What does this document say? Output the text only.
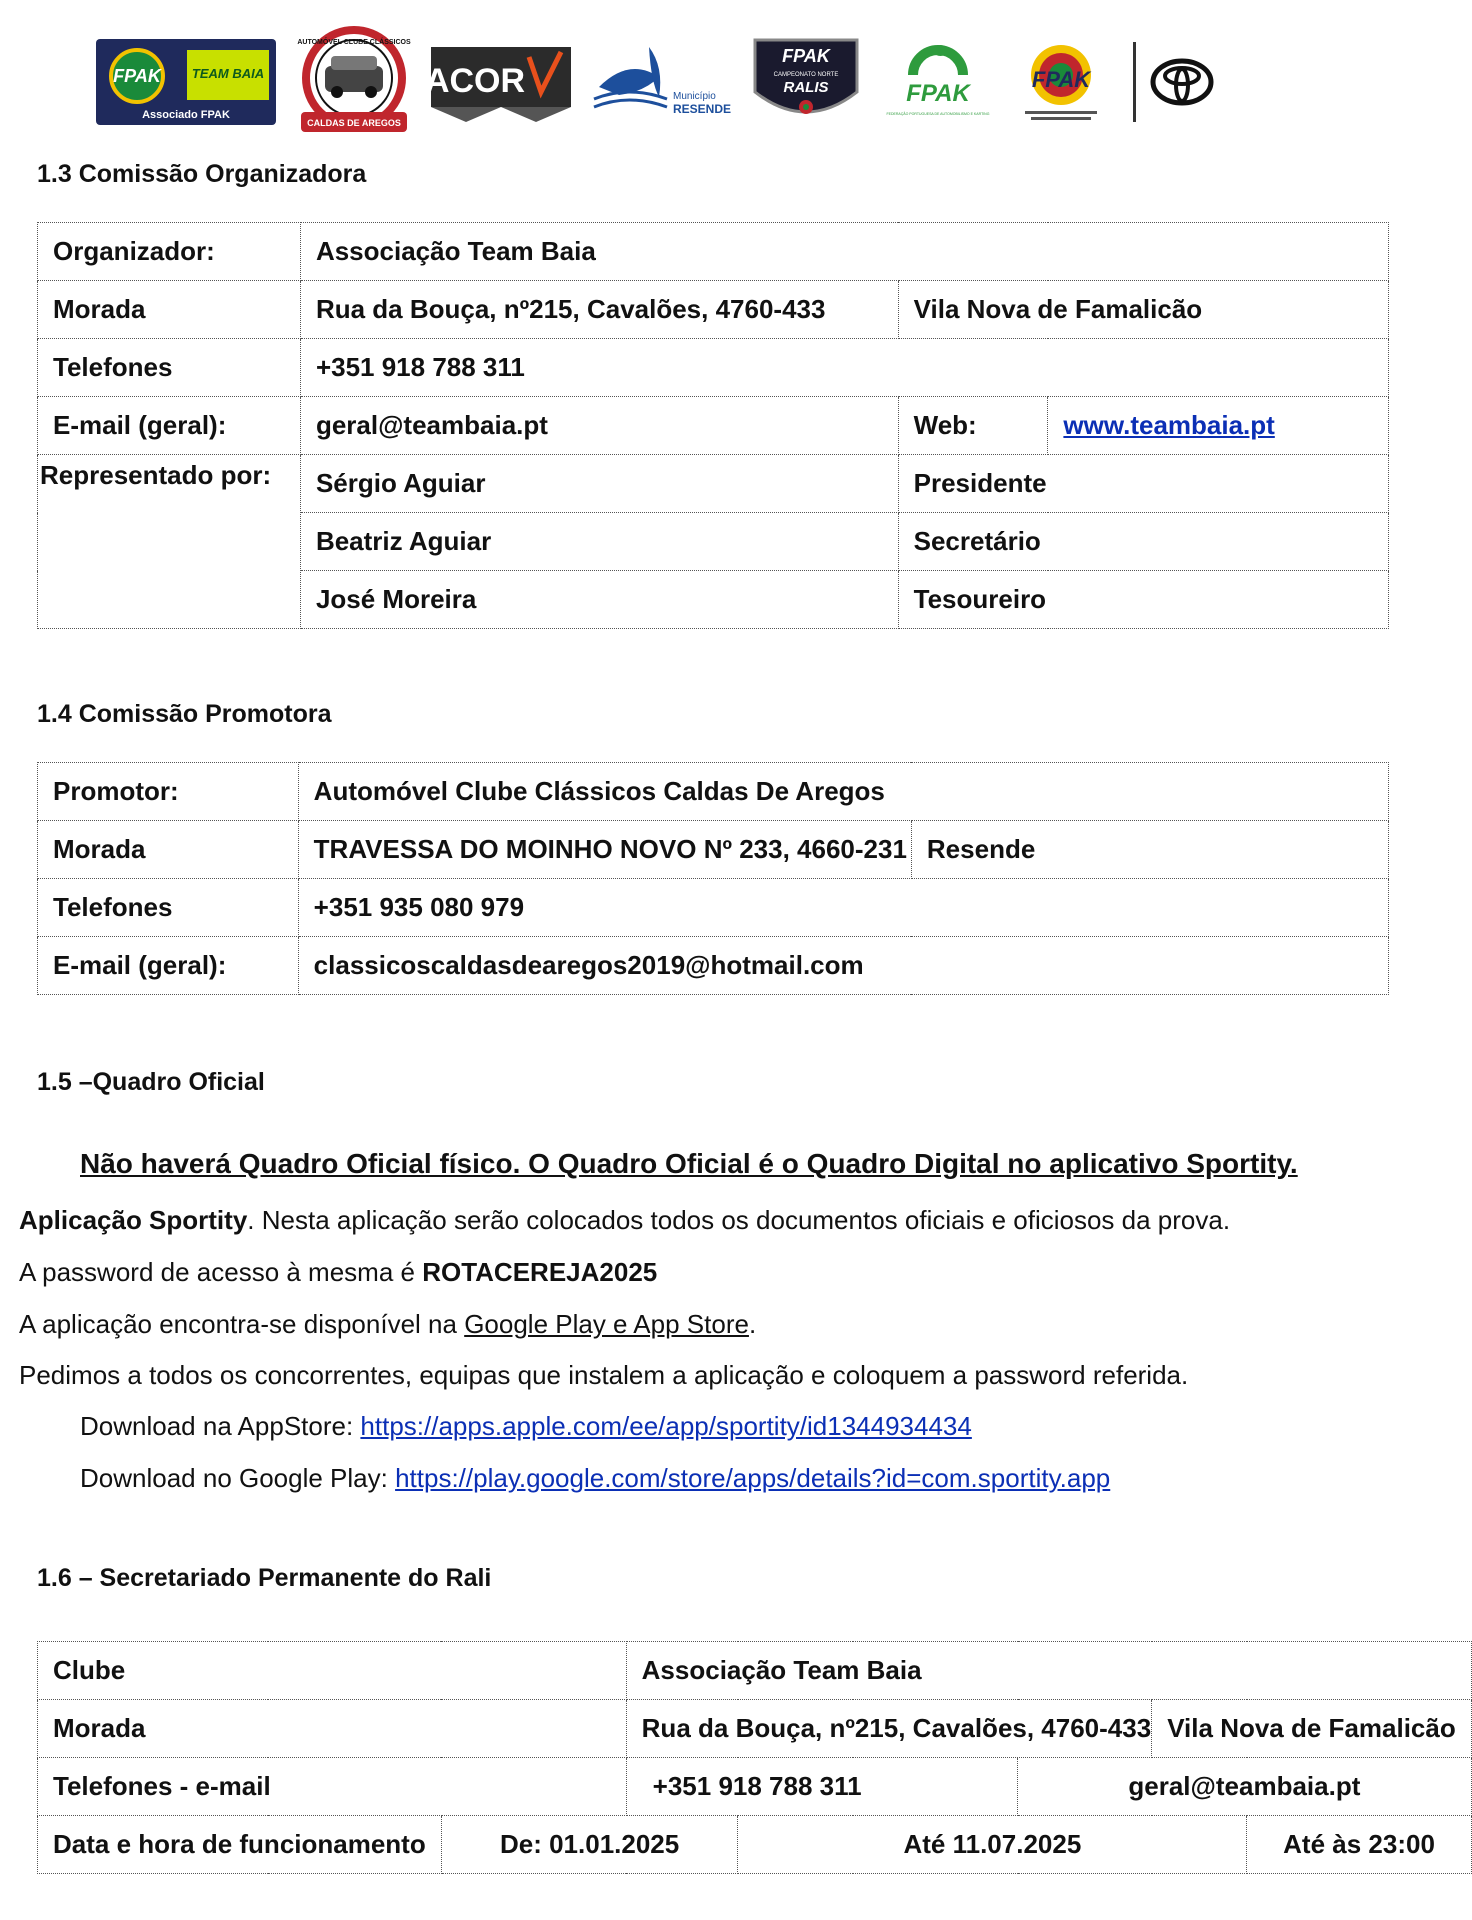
FPAK TEAM BAIA
Associado FPAK
AUTOMÓVEL CLUBE CLÁSSICOS
CALDAS DE AREGOS
ACOR	Município
RESENDE
FPAK
CAMPEONATO NORTE
RALIS	FPAK
FEDERAÇÃO PORTUGUESA DE AUTOMOBILISMO E KARTING
FPAK
1.3 Comissão Organizadora
Organizador:	Associação Team Baia		
Morada	Rua da Bouça, nº215, Cavalões, 4760-433	Vila Nova de Famalicão	
Telefones	+351 918 788 311		
E-mail (geral):	geral@teambaia.pt	Web:	www.teambaia.pt
Representado por:	Sérgio Aguiar	Presidente	
	Beatriz Aguiar	Secretário	
	José Moreira	Tesoureiro	
1.4 Comissão Promotora
Promotor:	Automóvel Clube Clássicos Caldas De Aregos	
Morada	TRAVESSA DO MOINHO NOVO Nº 233, 4660-231	Resende
Telefones	+351 935 080 979	
E-mail (geral):	classicoscaldasdearegos2019@hotmail.com	
1.5 –Quadro Oficial
Não haverá Quadro Oficial físico. O Quadro Oficial é o Quadro Digital no aplicativo Sportity.
Aplicação Sportity. Nesta aplicação serão colocados todos os documentos oficiais e oficiosos da prova.
A password de acesso à mesma é ROTACEREJA2025
A aplicação encontra-se disponível na Google Play e App Store.
Pedimos a todos os concorrentes, equipas que instalem a aplicação e coloquem a password referida.
Download na AppStore: https://apps.apple.com/ee/app/sportity/id1344934434
Download no Google Play: https://play.google.com/store/apps/details?id=com.sportity.app
1.6 – Secretariado Permanente do Rali
Clube		Associação Team Baia				
Morada		Rua da Bouça, nº215, Cavalões, 4760-433			Vila Nova de Famalicão	
Telefones - e-mail		+351 918 788 311		geral@teambaia.pt		
Data e hora de funcionamento	De: 01.01.2025		Até 11.07.2025			Até às 23:00
